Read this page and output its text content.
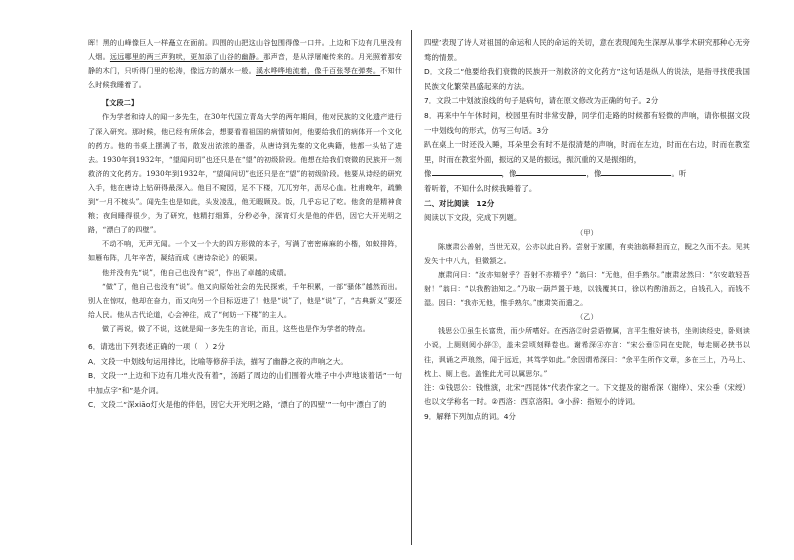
晖！黑的山峰像巨人一样矗立在面前。四围的山把这山谷包围得像一口井。上边和下边有几里没有人烟。远远哪里的两三声狗吠，更加添了山谷的幽静。那声音，是从浮屠庵传来的。月光照着那安静的木门，只听得门里的松涛，像远方的潮水一般。溪水哗哗地流着，像千百张琴在弹奏。不知什么时候我睡着了。

【文段二】

作为学者和诗人的闻一多先生，在30年代国立青岛大学的两年期间，他对民族的文化遗产进行了深入研究。那时候，他已经有所体会，想要看看祖国的病情如何，他要给我们的病体开一个文化的药方。他的书桌上摆满了书，散发出浓浓的墨香，从唐诗到先秦的文化典籍，他都一头钻了进去。1930年到1932年，“望闻问切”也还只是在“望”的初级阶段。他想在给我们衰微的民族开一剂救济的文化药方。1930年到1932年，“望闻问切”也还只是在“望”的初级阶段。他要从诗经的研究入手，他在唐诗上钻研得最深入。他目不窥园，足不下楼，兀兀穷年，沥尽心血。杜甫晚年，疏懒到“一月不梳头”。闻先生也是如此，头发凌乱，他无暇顾及。饭，几乎忘记了吃。他贪的是精神食粮；夜间睡得很少，为了研究，他精打细算，分秒必争，深宵灯火是他的伴侣，因它大开光明之路，“漂白了的四壁”。

不动不响，无声无闻。一个又一个大的四方形做的本子，写满了密密麻麻的小楷，如蚁排阵，如雁布阵，几年辛苦，凝结而成《唐诗杂论》的硕果。

他并没有先“说”，他自己也没有“说”，作出了卓越的成绩。

“做”了，他自己也没有“说”。他又向原始社会的先民探索，千年积累，一部“骚体”越然而出。别人在惊叹，他却在奋力，而又向另一个目标迈进了！他是“说”了，他是“说”了，“古典新义”要还给人民。他从古代论道，心会神往，成了“何妨一下楼”的主人。

做了再说，做了不说，这就是闻一多先生的言论，而且，这些也是作为学者的特点。

6．请选出下列表述正确的一项（　）2分

A．文段一中划线句运用排比，比喻等修辞手法，描写了幽静之夜的声响之大。

B．文段一“上边和下边有几堆火没有着”，汤蹈了周边的山们围着火堆子中小声地谈着话”一句中加点字“和”是介词。

C．文段二“深xiāo灯火是他的伴侣，因它大开光明之路，‘漂白了的四壁’”一句中‘漂白了的

四壁’表现了诗人对祖国的命运和人民的命运的关切，意在表现闻先生深厚从事学术研究那种心无旁骛的情景。

D．文段二“他要给我们衰微的民族开一剂救济的文化药方”这句话是纵人的说法，是指寻找使我国民族文化繁荣昌盛起来的方法。

7．文段二中划波浪线的句子是病句，请在原文修改为正确的句子。2分

8．再来中午午休时间，校园里有时非常安静，同学们走路的时候都有轻微的声响，请你根据文段一中划线句的形式，仿写三句话。3分

趴在桌上一时还没入睡，耳朵里会有时不是很清楚的声响，时而在左边，时而在右边，时而在教室里，时而在教室外面，振远的又是的振远，振沉重的又是振细的，

像	，像	，像	。听

着听着，不知什么时候我睡着了。

二、对比阅读　12分

阅读以下文段，完成下列题。

（甲）

陈康肃公善射，当世无双，公亦以此自矜。尝射于家圃，有卖油翁释担而立，睨之久而不去。见其发矢十中八九，但微颔之。

康肃问曰：“汝亦知射乎？吾射不亦精乎？”翁曰：“无他，但手熟尔。”康肃忿然曰：“尔安敢轻吾射！”翁曰：“以我酌油知之。”乃取一葫芦置于地，以钱覆其口，徐以杓酌油沥之，自钱孔入，而钱不湿。因曰：“我亦无他，惟手熟尔。”康肃笑而遣之。

（乙）

钱思公①虽生长富贵，而少所嗜好。在西洛②时尝语僚属，言平生惟好读书，坐则读经史，卧则读小说，上厕则阅小辞③，盖未尝顷刻释卷也。谢希深④亦言：“宋公垂⑤同在史院，每走厕必挟书以往，讽诵之声琅然，闻于远近，其笃学如此。”余因谓希深曰：“余平生所作文章，多在三上，乃马上、枕上、厕上也。盖惟此尤可以属思尔。”

注：①钱思公：钱惟演，北宋“西昆体”代表作家之一。下文提及的谢希深（谢绛）、宋公垂（宋绶）也以文学称名一时。②西洛：西京洛阳。③小辞：指短小的诗词。

9．解释下列加点的词。4分
